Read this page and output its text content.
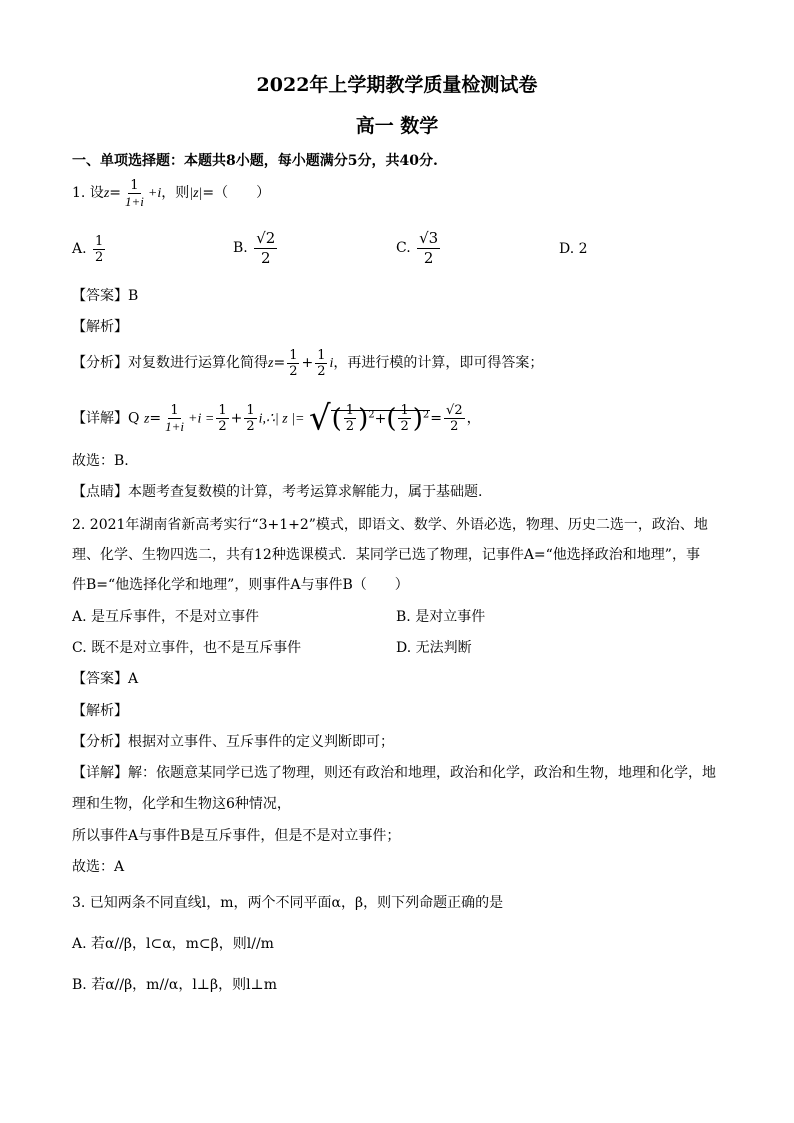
2022年上学期教学质量检测试卷
高一 数学
一、单项选择题：本题共8小题，每小题满分5分，共40分.
1. 设$z= \frac{1}{1+i} +i$，则|z|=（　　）
A. $\frac{1}{2}$	B. $\frac{√2}{2}$	C. $\frac{√3}{2}$	D. 2
【答案】B
【解析】
【分析】对复数进行运算化简得$z= \frac{1}{2} + \frac{1}{2}$ i，再进行模的计算，即可得答案；
【详解】Q $z= \frac{1}{1+i} +i = \frac{1}{2} + \frac{1}{2}$ i,∴| z |= √( $\frac{1}{2} )^2+( \frac{1}{2} )^2= \frac{√2}{2}$ ，
故选：B.
【点睛】本题考查复数模的计算，考考运算求解能力，属于基础题.
2. 2021年湖南省新高考实行“3+1+2”模式，即语文、数学、外语必选，物理、历史二选一，政治、地
理、化学、生物四选二，共有12种选课模式．某同学已选了物理，记事件A=“他选择政治和地理”，事
件B=“他选择化学和地理”，则事件A与事件B（　　）
A. 是互斥事件，不是对立事件	B. 是对立事件
C. 既不是对立事件，也不是互斥事件	D. 无法判断
【答案】A
【解析】
【分析】根据对立事件、互斥事件的定义判断即可；
【详解】解：依题意某同学已选了物理，则还有政治和地理，政治和化学，政治和生物，地理和化学，地
理和生物，化学和生物这6种情况，
所以事件A与事件B是互斥事件，但是不是对立事件；
故选：A
3. 已知两条不同直线l，m，两个不同平面α，β，则下列命题正确的是
A. 若α//β，l⊂α，m⊂β，则l//m
B. 若α//β，m//α，l⊥β，则l⊥m
